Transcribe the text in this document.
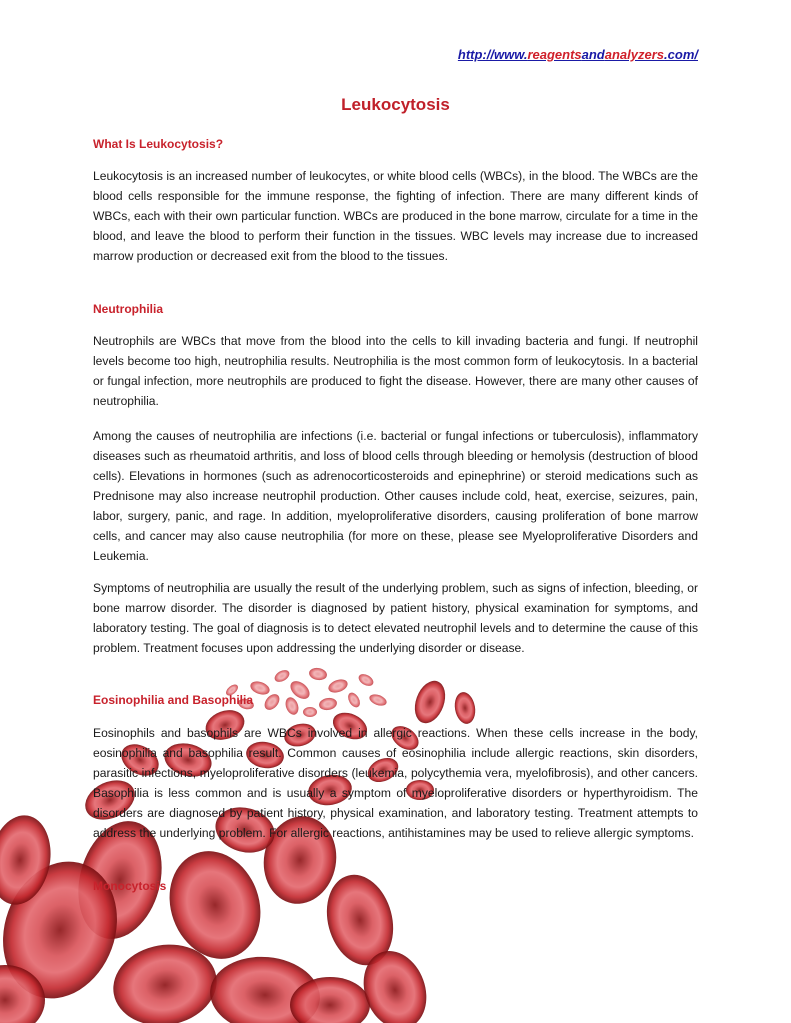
http://www.reagentsandanalyzers.com/
Leukocytosis
What Is Leukocytosis?

Leukocytosis is an increased number of leukocytes, or white blood cells (WBCs), in the blood. The WBCs are the blood cells responsible for the immune response, the fighting of infection. There are many different kinds of WBCs, each with their own particular function. WBCs are produced in the bone marrow, circulate for a time in the blood, and leave the blood to perform their function in the tissues. WBC levels may increase due to increased marrow production or decreased exit from the blood to the tissues.

Neutrophilia

Neutrophils are WBCs that move from the blood into the cells to kill invading bacteria and fungi. If neutrophil levels become too high, neutrophilia results. Neutrophilia is the most common form of leukocytosis. In a bacterial or fungal infection, more neutrophils are produced to fight the disease. However, there are many other causes of neutrophilia.

Among the causes of neutrophilia are infections (i.e. bacterial or fungal infections or tuberculosis), inflammatory diseases such as rheumatoid arthritis, and loss of blood cells through bleeding or hemolysis (destruction of blood cells). Elevations in hormones (such as adrenocorticosteroids and epinephrine) or steroid medications such as Prednisone may also increase neutrophil production. Other causes include cold, heat, exercise, seizures, pain, labor, surgery, panic, and rage. In addition, myeloproliferative disorders, causing proliferation of bone marrow cells, and cancer may also cause neutrophilia (for more on these, please see Myeloproliferative Disorders and Leukemia.

Symptoms of neutrophilia are usually the result of the underlying problem, such as signs of infection, bleeding, or bone marrow disorder. The disorder is diagnosed by patient history, physical examination for symptoms, and laboratory testing. The goal of diagnosis is to detect elevated neutrophil levels and to determine the cause of this problem. Treatment focuses upon addressing the underlying disorder or disease.

Eosinophilia and Basophilia

Eosinophils and basophils are WBCs involved in allergic reactions. When these cells increase in the body, eosinophilia and basophilia result. Common causes of eosinophilia include allergic reactions, skin disorders, parasitic infections, myeloproliferative disorders (leukemia, polycythemia vera, myelofibrosis), and other cancers. Basophilia is less common and is usually a symptom of myeloproliferative disorders or hyperthyroidism. The disorders are diagnosed by patient history, physical examination, and laboratory testing. Treatment attempts to address the underlying problem. For allergic reactions, antihistamines may be used to relieve allergic symptoms.

Monocytosis
